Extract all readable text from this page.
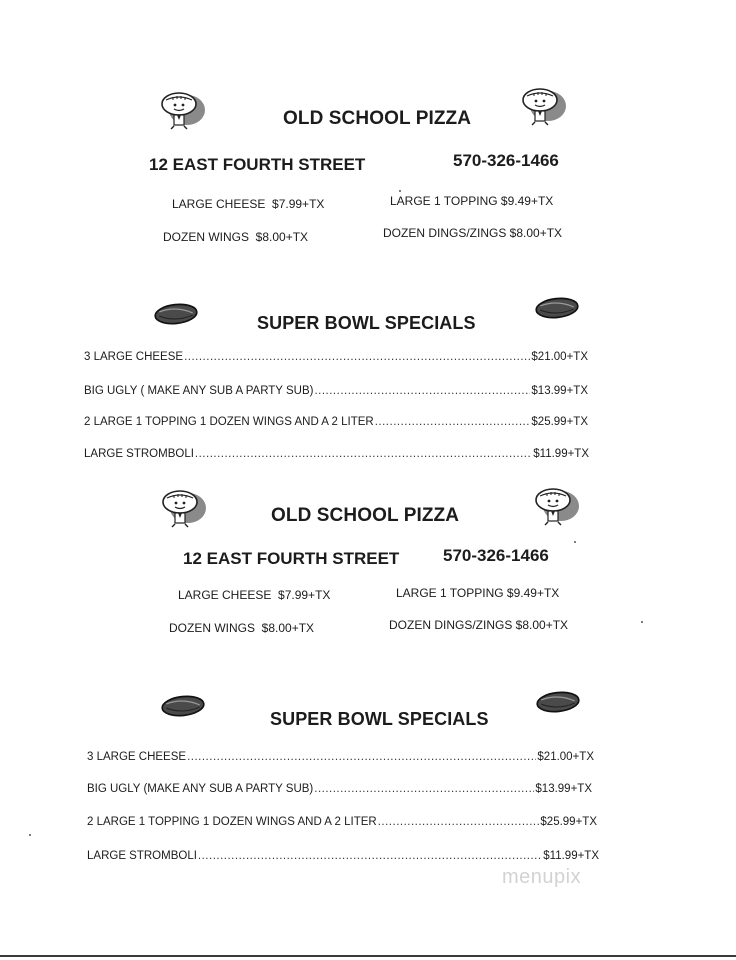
OLD SCHOOL PIZZA
12 EAST FOURTH STREET	570-326-1466
LARGE CHEESE  $7.99+TX	LARGE 1 TOPPING $9.49+TX
DOZEN WINGS  $8.00+TX	DOZEN DINGS/ZINGS $8.00+TX
SUPER BOWL SPECIALS
3 LARGE CHEESE .....	$21.00+TX
BIG UGLY ( MAKE ANY SUB A PARTY SUB) .....	$13.99+TX
2 LARGE 1 TOPPING 1 DOZEN WINGS AND A 2 LITER .....	$25.99+TX
LARGE STROMBOLI .....	$11.99+TX
OLD SCHOOL PIZZA
12 EAST FOURTH STREET	570-326-1466
LARGE CHEESE  $7.99+TX	LARGE 1 TOPPING $9.49+TX
DOZEN WINGS  $8.00+TX	DOZEN DINGS/ZINGS $8.00+TX
SUPER BOWL SPECIALS
3 LARGE CHEESE .....	$21.00+TX
BIG UGLY (MAKE ANY SUB A PARTY SUB) .....	$13.99+TX
2 LARGE 1 TOPPING 1 DOZEN WINGS AND A 2 LITER .....	$25.99+TX
LARGE STROMBOLI .....	$11.99+TX
menupix
